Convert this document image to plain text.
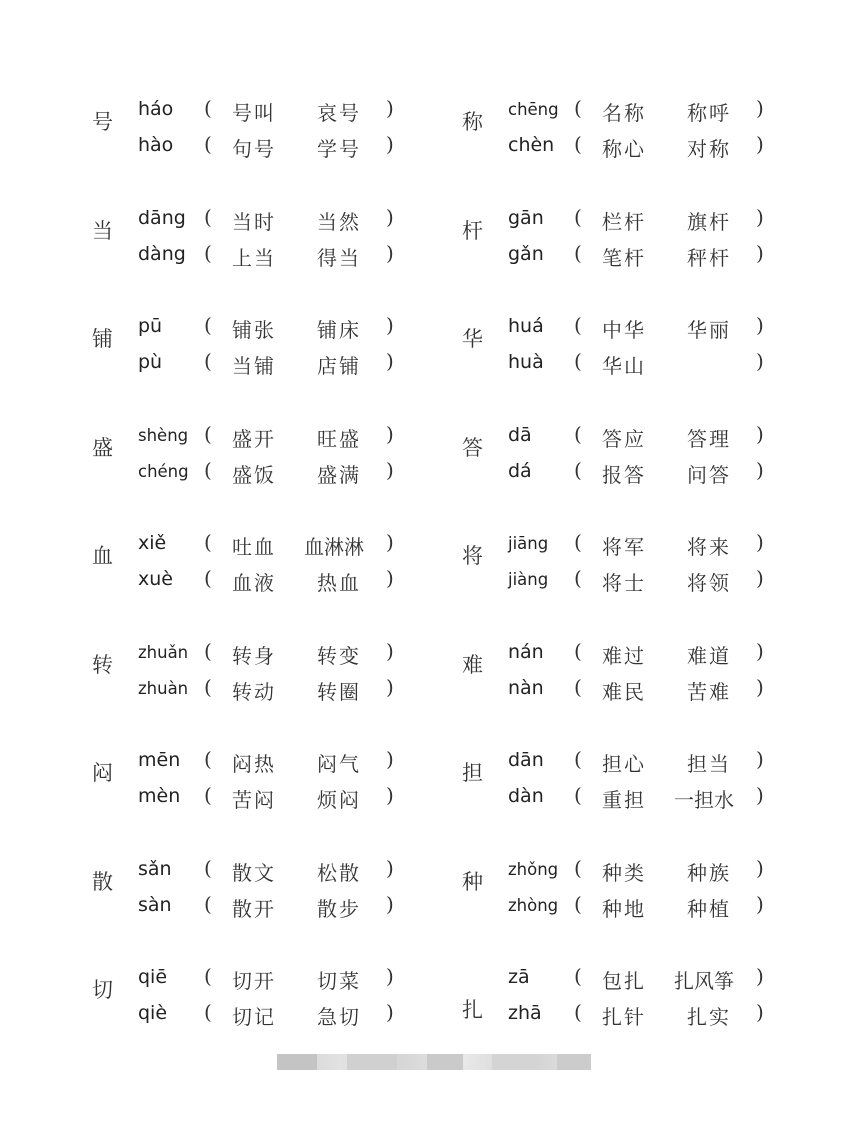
号
háo ( 号叫 哀号 )
hào ( 句号 学号 )
当
dāng ( 当时 当然 )
dàng ( 上当 得当 )
铺
pū ( 铺张 铺床 )
pù ( 当铺 店铺 )
盛
shèng ( 盛开 旺盛 )
chéng ( 盛饭 盛满 )
血
xiě ( 吐血 血淋淋 )
xuè ( 血液 热血 )
转
zhuǎn ( 转身 转变 )
zhuàn ( 转动 转圈 )
闷
mēn ( 闷热 闷气 )
mèn ( 苦闷 烦闷 )
散
sǎn ( 散文 松散 )
sàn ( 散开 散步 )
切
qiē ( 切开 切菜 )
qiè ( 切记 急切 )
称
chēng ( 名称 称呼 )
chèn ( 称心 对称 )
杆
gān ( 栏杆 旗杆 )
gǎn ( 笔杆 秤杆 )
华
huá ( 中华 华丽 )
huà ( 华山	)
答
dā ( 答应 答理 )
dá ( 报答 问答 )
将
jiāng ( 将军 将来 )
jiàng ( 将士 将领 )
难
nán ( 难过 难道 )
nàn ( 难民 苦难 )
担
dān ( 担心 担当 )
dàn ( 重担 一担水 )
种
zhǒng ( 种类 种族 )
zhòng ( 种地 种植 )
扎
zā ( 包扎 扎风筝 )
zhā ( 扎针 扎实 )
